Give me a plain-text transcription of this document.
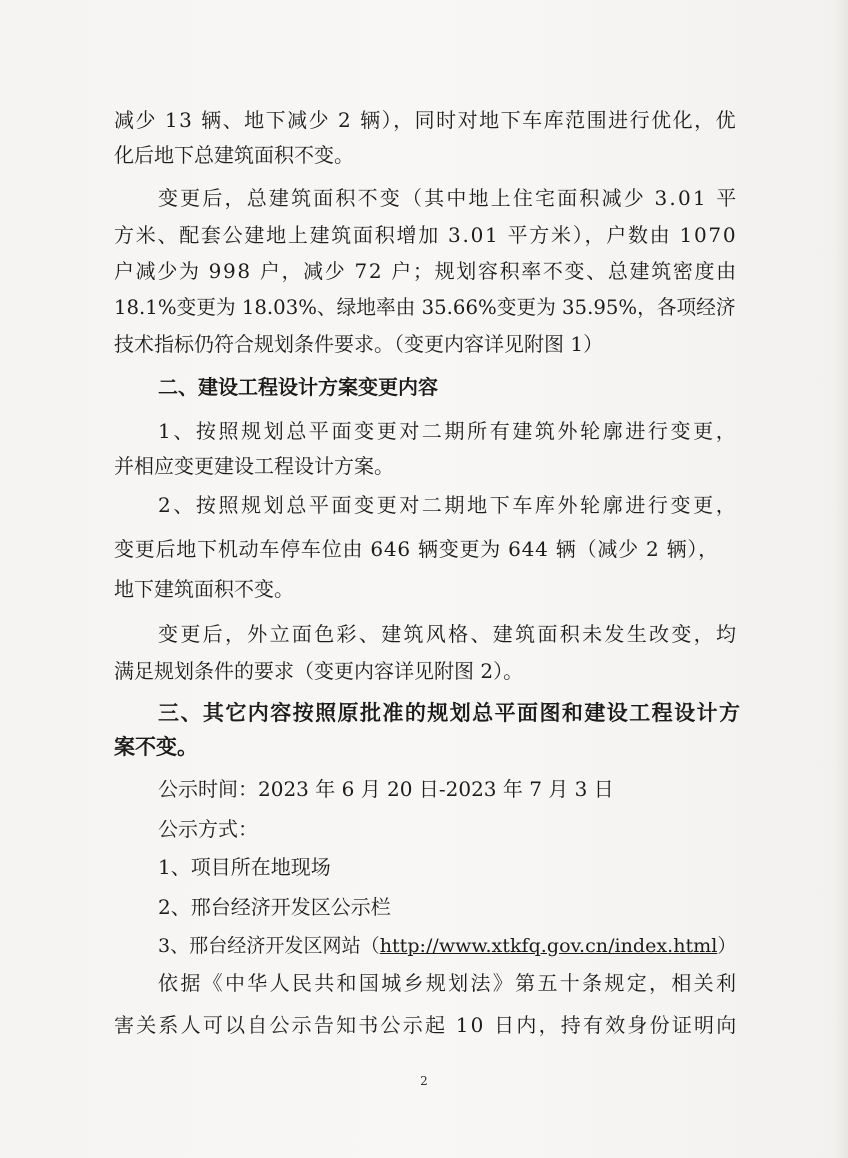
减少 13 辆、地下减少 2 辆），同时对地下车库范围进行优化，优
化后地下总建筑面积不变。
变更后，总建筑面积不变（其中地上住宅面积减少 3.01 平
方米、配套公建地上建筑面积增加 3.01 平方米），户数由 1070
户减少为 998 户，减少 72 户；规划容积率不变、总建筑密度由
18.1%变更为 18.03%、绿地率由 35.66%变更为 35.95%，各项经济
技术指标仍符合规划条件要求。（变更内容详见附图 1）
二、建设工程设计方案变更内容
1、按照规划总平面变更对二期所有建筑外轮廓进行变更，
并相应变更建设工程设计方案。
2、按照规划总平面变更对二期地下车库外轮廓进行变更，
变更后地下机动车停车位由 646 辆变更为 644 辆（减少 2 辆），
地下建筑面积不变。
变更后，外立面色彩、建筑风格、建筑面积未发生改变，均
满足规划条件的要求（变更内容详见附图 2）。
三、其它内容按照原批准的规划总平面图和建设工程设计方
案不变。
公示时间：2023 年 6 月 20 日-2023 年 7 月 3 日
公示方式：
1、项目所在地现场
2、邢台经济开发区公示栏
3、邢台经济开发区网站（http://www.xtkfq.gov.cn/index.html）
依据《中华人民共和国城乡规划法》第五十条规定，相关利
害关系人可以自公示告知书公示起 10 日内，持有效身份证明向
2
